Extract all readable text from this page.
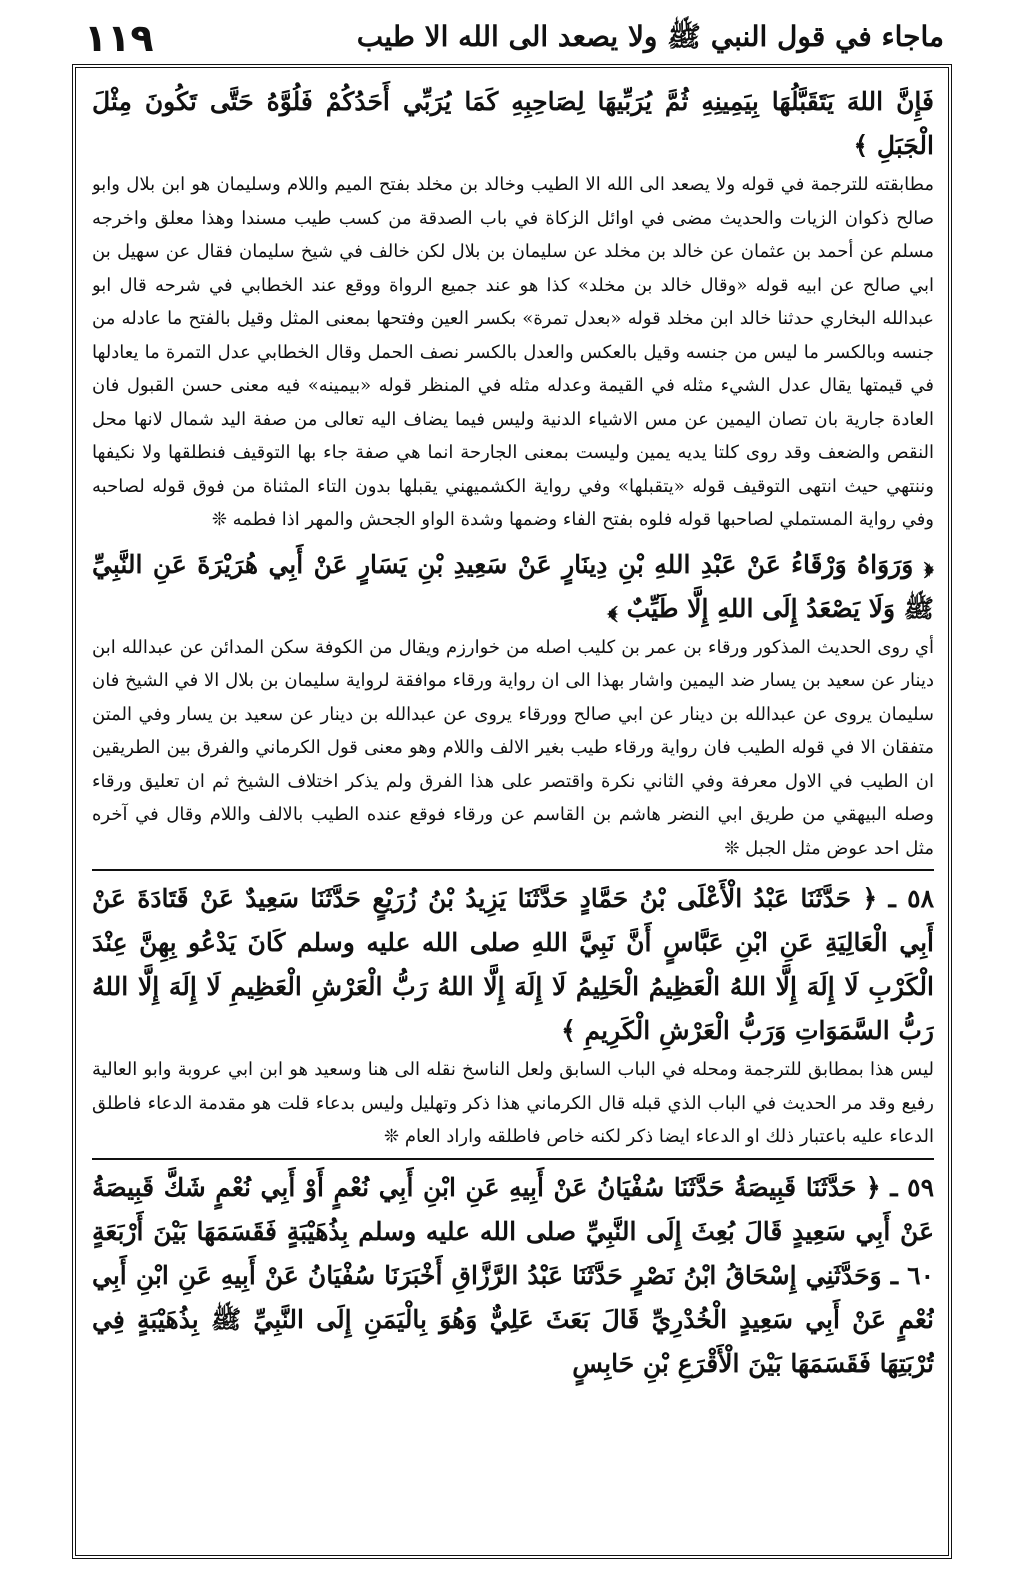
ماجاء في قول النبي ﷺ ولا يصعد الى الله الا طيب
۱۱۹

فَإِنَّ اللهَ يَتَقَبَّلُهَا بِيَمِينِهِ ثُمَّ يُرَبِّيهَا لِصَاحِبِهِ كَمَا يُرَبِّي أَحَدُكُمْ فَلُوَّهُ حَتَّى تَكُونَ مِثْلَ الْجَبَلِ ﴾

مطابقته للترجمة في قوله ولا يصعد الى الله الا الطيب وخالد بن مخلد بفتح الميم واللام وسليمان هو ابن بلال وابو صالح ذكوان الزيات والحديث مضى في اوائل الزكاة في باب الصدقة من كسب طيب مسندا وهذا معلق واخرجه مسلم عن أحمد بن عثمان عن خالد بن مخلد عن سليمان بن بلال لكن خالف في شيخ سليمان فقال عن سهيل بن ابي صالح عن ابيه قوله «وقال خالد بن مخلد» كذا هو عند جميع الرواة ووقع عند الخطابي في شرحه قال ابو عبدالله البخاري حدثنا خالد ابن مخلد قوله «بعدل تمرة» بكسر العين وفتحها بمعنى المثل وقيل بالفتح ما عادله من جنسه وبالكسر ما ليس من جنسه وقيل بالعكس والعدل بالكسر نصف الحمل وقال الخطابي عدل التمرة ما يعادلها في قيمتها يقال عدل الشيء مثله في القيمة وعدله مثله في المنظر قوله «بيمينه» فيه معنى حسن القبول فان العادة جارية بان تصان اليمين عن مس الاشياء الدنية وليس فيما يضاف اليه تعالى من صفة اليد شمال لانها محل النقص والضعف وقد روى كلتا يديه يمين وليست بمعنى الجارحة انما هي صفة جاء بها التوقيف فنطلقها ولا نكيفها وننتهي حيث انتهى التوقيف قوله «يتقبلها» وفي رواية الكشميهني يقبلها بدون التاء المثناة من فوق قوله لصاحبه وفي رواية المستملي لصاحبها قوله فلوه بفتح الفاء وضمها وشدة الواو الجحش والمهر اذا فطمه ❊

﴿ وَرَوَاهُ وَرْقَاءُ عَنْ عَبْدِ اللهِ بْنِ دِينَارٍ عَنْ سَعِيدِ بْنِ يَسَارٍ عَنْ أَبِي هُرَيْرَةَ عَنِ النَّبِيِّ ﷺ وَلَا يَصْعَدُ إِلَى اللهِ إِلَّا طَيِّبٌ ﴾

أي روى الحديث المذكور ورقاء بن عمر بن كليب اصله من خوارزم ويقال من الكوفة سكن المدائن عن عبدالله ابن دينار عن سعيد بن يسار ضد اليمين واشار بهذا الى ان رواية ورقاء موافقة لرواية سليمان بن بلال الا في الشيخ فان سليمان يروى عن عبدالله بن دينار عن ابي صالح وورقاء يروى عن عبدالله بن دينار عن سعيد بن يسار وفي المتن متفقان الا في قوله الطيب فان رواية ورقاء طيب بغير الالف واللام وهو معنى قول الكرماني والفرق بين الطريقين ان الطيب في الاول معرفة وفي الثاني نكرة واقتصر على هذا الفرق ولم يذكر اختلاف الشيخ ثم ان تعليق ورقاء وصله البيهقي من طريق ابي النضر هاشم بن القاسم عن ورقاء فوقع عنده الطيب بالالف واللام وقال في آخره مثل احد عوض مثل الجبل ❊

٥٨ ـ ﴿ حَدَّثَنَا عَبْدُ الْأَعْلَى بْنُ حَمَّادٍ حَدَّثَنَا يَزِيدُ بْنُ زُرَيْعٍ حَدَّثَنَا سَعِيدٌ عَنْ قَتَادَةَ عَنْ أَبِي الْعَالِيَةِ عَنِ ابْنِ عَبَّاسٍ أَنَّ نَبِيَّ اللهِ صلى الله عليه وسلم كَانَ يَدْعُو بِهِنَّ عِنْدَ الْكَرْبِ لَا إِلَهَ إِلَّا اللهُ الْعَظِيمُ الْحَلِيمُ لَا إِلَهَ إِلَّا اللهُ رَبُّ الْعَرْشِ الْعَظِيمِ لَا إِلَهَ إِلَّا اللهُ رَبُّ السَّمَوَاتِ وَرَبُّ الْعَرْشِ الْكَرِيمِ ﴾

ليس هذا بمطابق للترجمة ومحله في الباب السابق ولعل الناسخ نقله الى هنا وسعيد هو ابن ابي عروبة وابو العالية رفيع وقد مر الحديث في الباب الذي قبله قال الكرماني هذا ذكر وتهليل وليس بدعاء قلت هو مقدمة الدعاء فاطلق الدعاء عليه باعتبار ذلك او الدعاء ايضا ذكر لكنه خاص فاطلقه واراد العام ❊

٥٩ ـ ﴿ حَدَّثَنَا قَبِيصَةُ حَدَّثَنَا سُفْيَانُ عَنْ أَبِيهِ عَنِ ابْنِ أَبِي نُعْمٍ أَوْ أَبِي نُعْمٍ شَكَّ قَبِيصَةُ عَنْ أَبِي سَعِيدٍ قَالَ بُعِثَ إِلَى النَّبِيِّ صلى الله عليه وسلم بِذُهَيْبَةٍ فَقَسَمَهَا بَيْنَ أَرْبَعَةٍ ٦٠ ـ وَحَدَّثَنِي إِسْحَاقُ ابْنُ نَصْرٍ حَدَّثَنَا عَبْدُ الرَّزَّاقِ أَخْبَرَنَا سُفْيَانُ عَنْ أَبِيهِ عَنِ ابْنِ أَبِي نُعْمٍ عَنْ أَبِي سَعِيدٍ الْخُدْرِيِّ قَالَ بَعَثَ عَلِيٌّ وَهُوَ بِالْيَمَنِ إِلَى النَّبِيِّ ﷺ بِذُهَيْبَةٍ فِي تُرْبَتِهَا فَقَسَمَهَا بَيْنَ الْأَقْرَعِ بْنِ حَابِسٍ
